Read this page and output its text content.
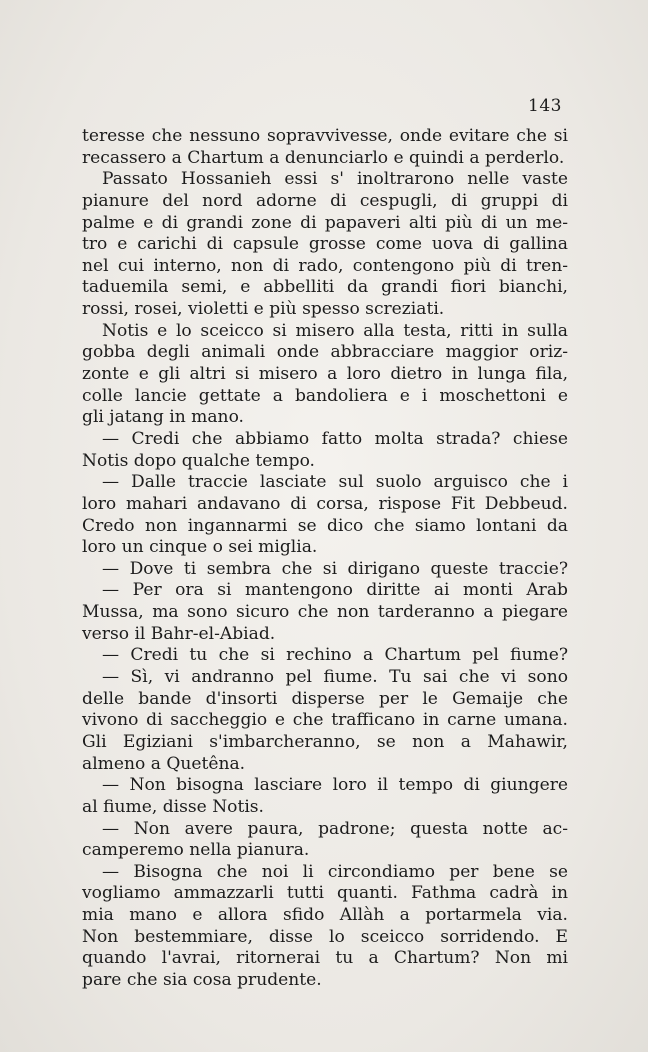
143
teresse che nessuno sopravvivesse, onde evitare che si
recassero a Chartum a denunciarlo e quindi a perderlo.
Passato Hossanieh essi s' inoltrarono nelle vaste
pianure del nord adorne di cespugli, di gruppi di
palme e di grandi zone di papaveri alti più di un me-
tro e carichi di capsule grosse come uova di gallina
nel cui interno, non di rado, contengono più di tren-
taduemila semi, e abbelliti da grandi fiori bianchi,
rossi, rosei, violetti e più spesso screziati.
Notis e lo sceicco si misero alla testa, ritti in sulla
gobba degli animali onde abbracciare maggior oriz-
zonte e gli altri si misero a loro dietro in lunga fila,
colle lancie gettate a bandoliera e i moschettoni e
gli jatang in mano.
— Credi che abbiamo fatto molta strada? chiese
Notis dopo qualche tempo.
— Dalle traccie lasciate sul suolo arguisco che i
loro mahari andavano di corsa, rispose Fit Debbeud.
Credo non ingannarmi se dico che siamo lontani da
loro un cinque o sei miglia.
— Dove ti sembra che si dirigano queste traccie?
— Per ora si mantengono diritte ai monti Arab
Mussa, ma sono sicuro che non tarderanno a piegare
verso il Bahr-el-Abiad.
— Credi tu che si rechino a Chartum pel fiume?
— Sì, vi andranno pel fiume. Tu sai che vi sono
delle bande d'insorti disperse per le Gemaije che
vivono di saccheggio e che trafficano in carne umana.
Gli Egiziani s'imbarcheranno, se non a Mahawir,
almeno a Quetêna.
— Non bisogna lasciare loro il tempo di giungere
al fiume, disse Notis.
— Non avere paura, padrone; questa notte ac-
camperemo nella pianura.
— Bisogna che noi li circondiamo per bene se
vogliamo ammazzarli tutti quanti. Fathma cadrà in
mia mano e allora sfido Allàh a portarmela via.
Non bestemmiare, disse lo sceicco sorridendo. E
quando l'avrai, ritornerai tu a Chartum? Non mi
pare che sia cosa prudente.
